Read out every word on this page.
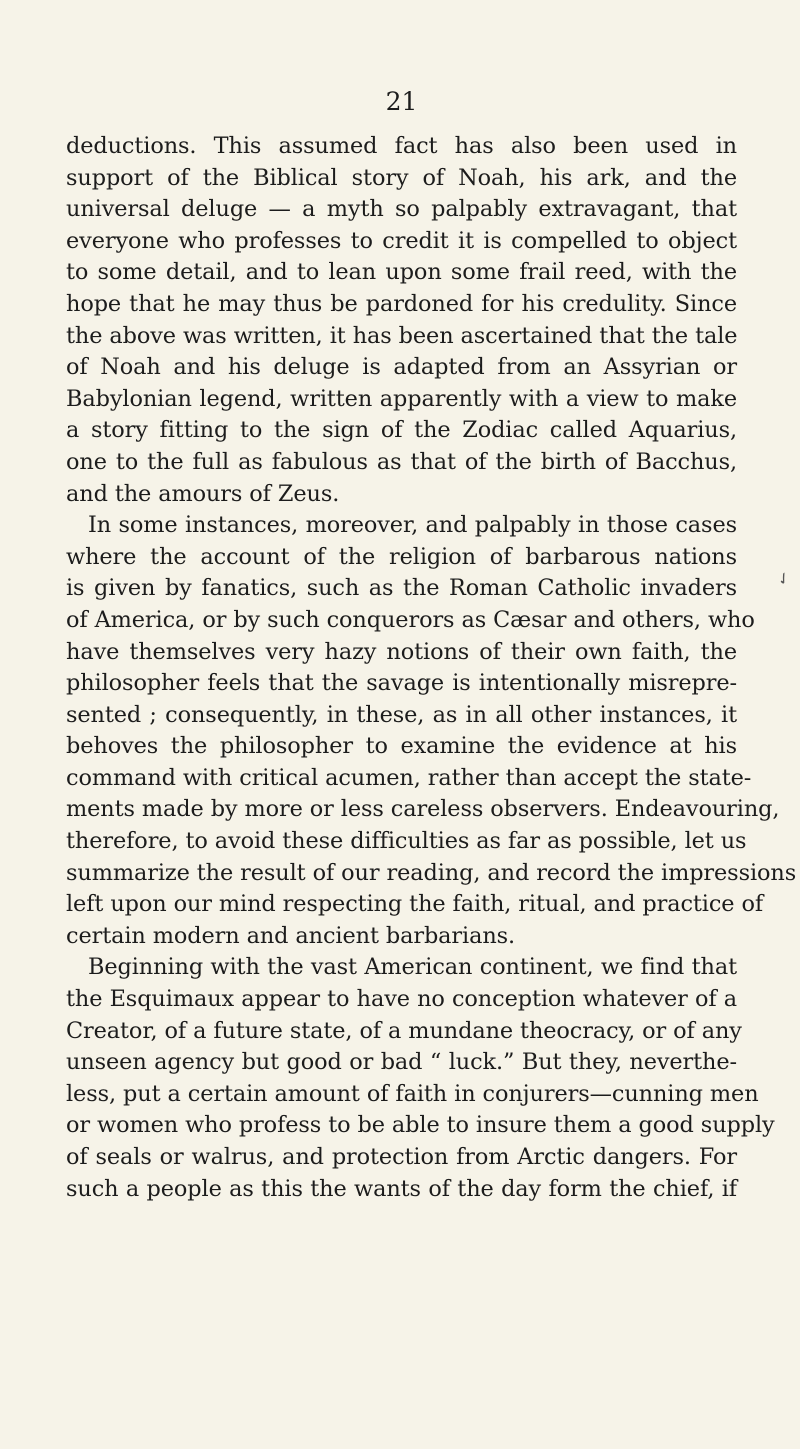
21
deductions. This assumed fact has also been used in
support of the Biblical story of Noah, his ark, and the
universal deluge — a myth so palpably extravagant, that
everyone who professes to credit it is compelled to object
to some detail, and to lean upon some frail reed, with the
hope that he may thus be pardoned for his credulity. Since
the above was written, it has been ascertained that the tale
of Noah and his deluge is adapted from an Assyrian or
Babylonian legend, written apparently with a view to make
a story fitting to the sign of the Zodiac called Aquarius,
one to the full as fabulous as that of the birth of Bacchus,
and the amours of Zeus.
In some instances, moreover, and palpably in those cases
where the account of the religion of barbarous nations
is given by fanatics, such as the Roman Catholic invaders
of America, or by such conquerors as Cæsar and others, who
have themselves very hazy notions of their own faith, the
philosopher feels that the savage is intentionally misrepre-
sented ; consequently, in these, as in all other instances, it
behoves the philosopher to examine the evidence at his
command with critical acumen, rather than accept the state-
ments made by more or less careless observers. Endeavouring,
therefore, to avoid these difficulties as far as possible, let us
summarize the result of our reading, and record the impressions
left upon our mind respecting the faith, ritual, and practice of
certain modern and ancient barbarians.
Beginning with the vast American continent, we find that
the Esquimaux appear to have no conception whatever of a
Creator, of a future state, of a mundane theocracy, or of any
unseen agency but good or bad “ luck.” But they, neverthe-
less, put a certain amount of faith in conjurers—cunning men
or women who profess to be able to insure them a good supply
of seals or walrus, and protection from Arctic dangers. For
such a people as this the wants of the day form the chief, if
✓
